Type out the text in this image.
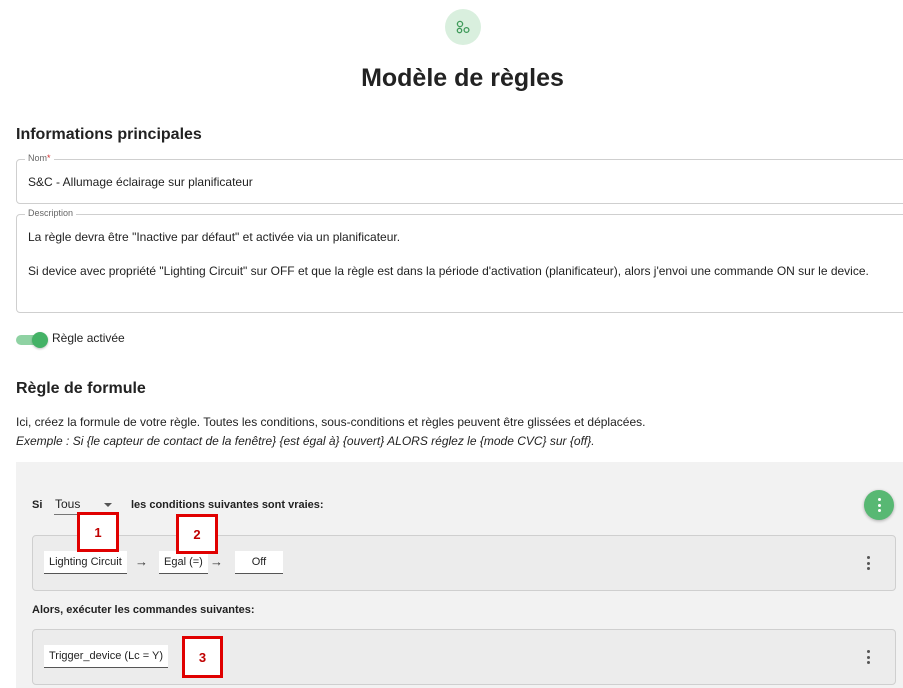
Modèle de règles
Informations principales
Nom*
S&C - Allumage éclairage sur planificateur
Description
La règle devra être "Inactive par défaut" et activée via un planificateur.
Si device avec propriété "Lighting Circuit" sur OFF et que la règle est dans la période d'activation (planificateur), alors j'envoi une commande ON sur le device.
Règle activée
Règle de formule
Ici, créez la formule de votre règle. Toutes les conditions, sous-conditions et règles peuvent être glissées et déplacées.
Exemple : Si {le capteur de contact de la fenêtre} {est égal à} {ouvert} ALORS réglez le {mode CVC} sur {off}.
Si Tous	les conditions suivantes sont vraies:
Lighting Circuit	→	Egal (=) →	Off
Alors, exécuter les commandes suivantes:
Trigger_device (Lc = Y)
1	2
3
